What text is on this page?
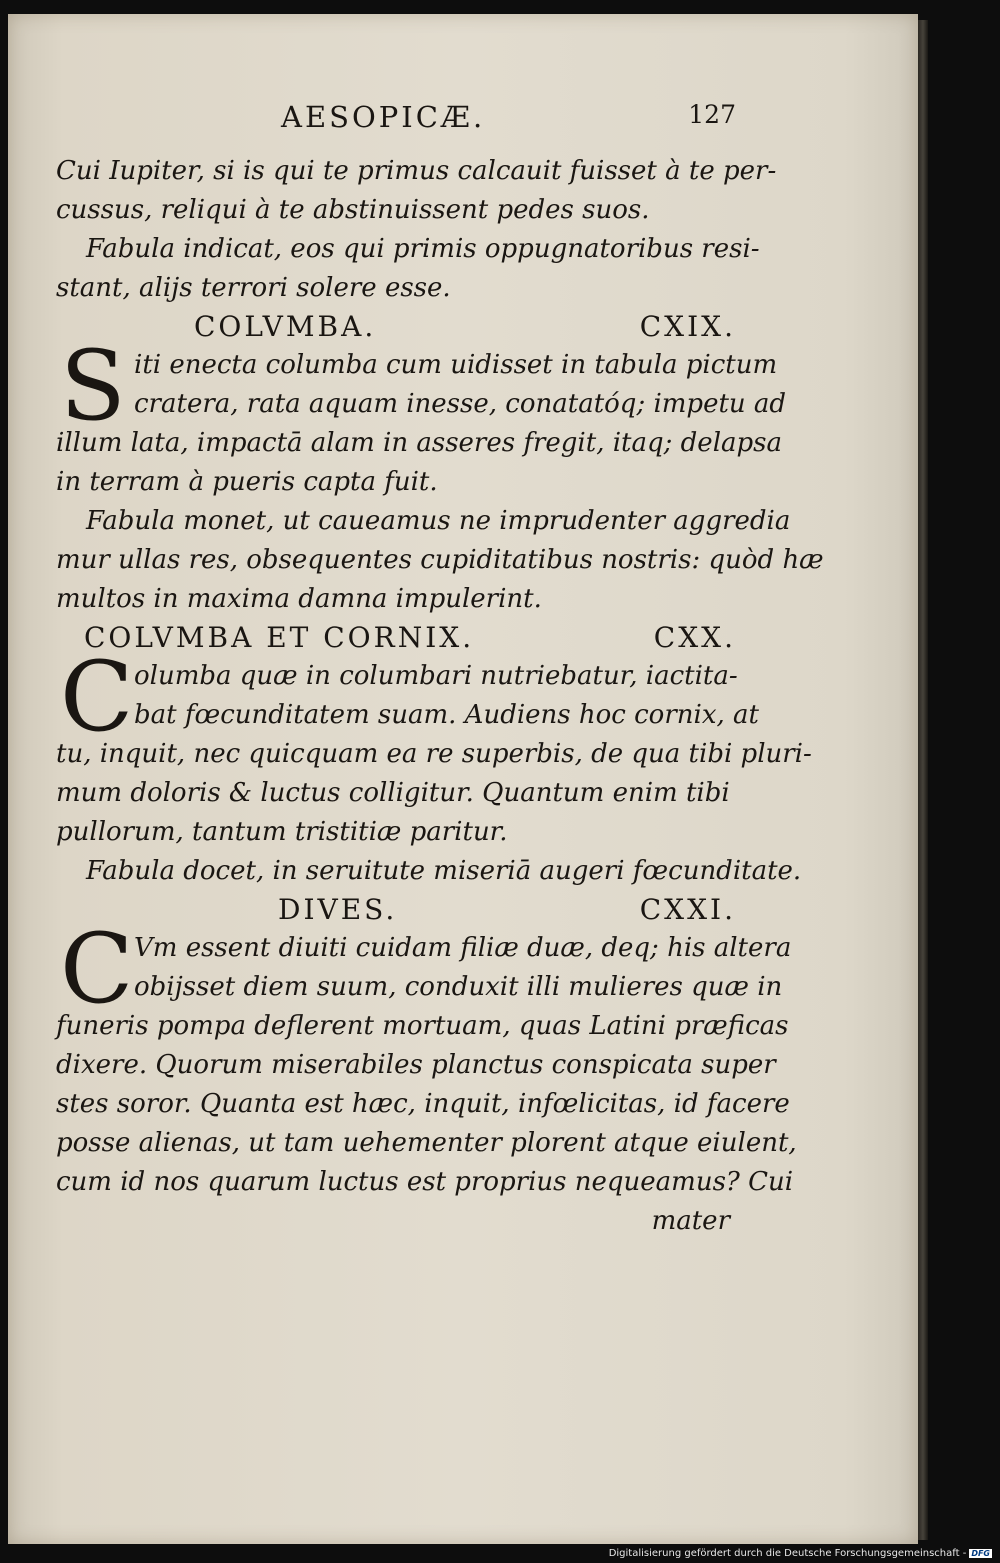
AESOPICÆ.	127
Cui Iupiter, si is qui te primus calcauit fuisset à te per-
cussus, reliqui à te abstinuissent pedes suos.
Fabula indicat, eos qui primis oppugnatoribus resi-
stant, alijs terrori solere esse.
COLVMBA.	CXIX.
S iti enecta columba cum uidisset in tabula pictum
cratera, rata aquam inesse, conatatóq; impetu ad
illum lata, impactā alam in asseres fregit, itaq; delapsa
in terram à pueris capta fuit.
Fabula monet, ut caueamus ne imprudenter aggredia
mur ullas res, obsequentes cupiditatibus nostris: quòd hæ
multos in maxima damna impulerint.
COLVMBA ET CORNIX.	CXX.
C olumba quæ in columbari nutriebatur, iactita-
bat fœcunditatem suam. Audiens hoc cornix, at
tu, inquit, nec quicquam ea re superbis, de qua tibi pluri-
mum doloris & luctus colligitur. Quantum enim tibi
pullorum, tantum tristitiæ paritur.
Fabula docet, in seruitute miseriā augeri fœcunditate.
DIVES.	CXXI.
C Vm essent diuiti cuidam filiæ duæ, deq; his altera
obijsset diem suum, conduxit illi mulieres quæ in
funeris pompa deflerent mortuam, quas Latini præficas
dixere. Quorum miserabiles planctus conspicata super
stes soror. Quanta est hæc, inquit, infœlicitas, id facere
posse alienas, ut tam uehementer plorent atque eiulent,
cum id nos quarum luctus est proprius nequeamus? Cui
mater
Digitalisierung gefördert durch die Deutsche Forschungsgemeinschaft - DFG
